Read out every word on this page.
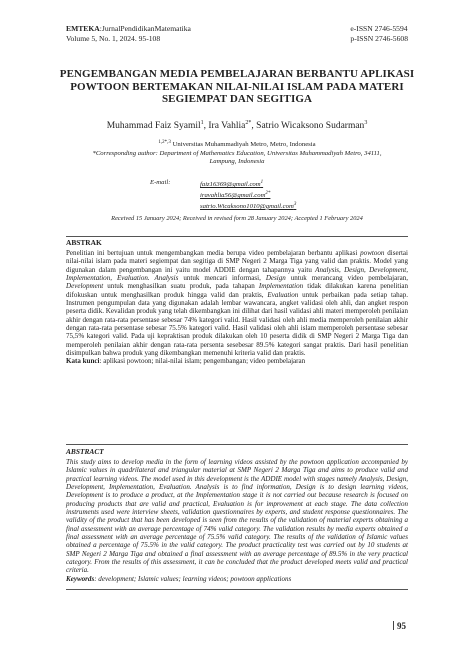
EMTEKA:JurnalPendidikanMatematika
Volume 5, No. 1, 2024. 95-108
e-ISSN 2746-5594
p-ISSN 2746-5608
PENGEMBANGAN MEDIA PEMBELAJARAN BERBANTU APLIKASI POWTOON BERTEMAKAN NILAI-NILAI ISLAM PADA MATERI SEGIEMPAT DAN SEGITIGA
Muhammad Faiz Syamil$^1$, Ira Vahlia$^{2*}$, Satrio Wicaksono Sudarman$^3$
$^{1,2*,3}$ Universitas Muhammadiyah Metro, Metro, Indonesia
*Corresponding author: Department of Mathematics Education, Universitas Muhammadiyah Metro, 34111,
Lampung, Indonesia
E-mail:	faiz16369@gmail.com$^1$
iravahlia56@gmail.com$^{2*}$
satrio.Wicaksono1010@gmail.com$^3$
Received 15 January 2024; Received in revised form 28 January 2024; Accepted 1 February 2024
ABSTRAK
Penelitian ini bertujuan untuk mengembangkan media berupa video pembelajaran berbantu aplikasi powtoon disertai nilai-nilai islam pada materi segiempat dan segitiga di SMP Negeri 2 Marga Tiga yang valid dan praktis. Model yang digunakan dalam pengembangan ini yaitu model ADDIE dengan tahapannya yaitu Analysis, Design, Development, Implementation, Evaluation. Analysis untuk mencari informasi, Design untuk merancang video pembelajaran, Development untuk menghasilkan suatu produk, pada tahapan Implementation tidak dilakukan karena penelitian difokuskan untuk menghasilkan produk hingga valid dan praktis, Evaluation untuk perbaikan pada setiap tahap. Instrumen pengumpulan data yang digunakan adalah lembar wawancara, angket validasi oleh ahli, dan angket respon peserta didik. Kevalidan produk yang telah dikembangkan ini dilihat dari hasil validasi ahli materi memperoleh penilaian akhir dengan rata-rata persentase sebesar 74% kategori valid. Hasil validasi oleh ahli media memperoleh penilaian akhir dengan rata-rata persentase sebesar 75.5% kategori valid. Hasil validasi oleh ahli islam memperoleh persentase sebesar 75,5% kategori valid. Pada uji kepraktisan produk dilakukan oleh 10 peserta didik di SMP Negeri 2 Marga Tiga dan memperoleh penilaian akhir dengan rata-rata persenta sesebesar 89.5% kategori sangat praktis. Dari hasil penelitian disimpulkan bahwa produk yang dikembangkan memenuhi kriteria valid dan praktis.
Kata kunci: aplikasi powtoon; nilai-nilai islam; pengembangan; video pembelajaran
ABSTRACT
This study aims to develop media in the form of learning videos assisted by the powtoon application accompanied by Islamic values in quadrilateral and triangular material at SMP Negeri 2 Marga Tiga and aims to produce valid and practical learning videos. The model used in this development is the ADDIE model with stages namely Analysis, Design, Development, Implementation, Evaluation. Analysis is to find information, Design is to design learning videos, Development is to produce a product, at the Implementation stage it is not carried out because research is focused on producing products that are valid and practical, Evaluation is for improvement at each stage. The data collection instruments used were interview sheets, validation questionnaires by experts, and student response questionnaires. The validity of the product that has been developed is seen from the results of the validation of material experts obtaining a final assessment with an average percentage of 74% valid category. The validation results by media experts obtained a final assessment with an average percentage of 75.5% valid category. The results of the validation of Islamic values obtained a percentage of 75.5% in the valid category. The product practicality test was carried out by 10 students at SMP Negeri 2 Marga Tiga and obtained a final assessment with an average percentage of 89.5% in the very practical category. From the results of this assessment, it can be concluded that the product developed meets valid and practical criteria.
Keywords: development; Islamic values; learning videos; powtoon applications
95
